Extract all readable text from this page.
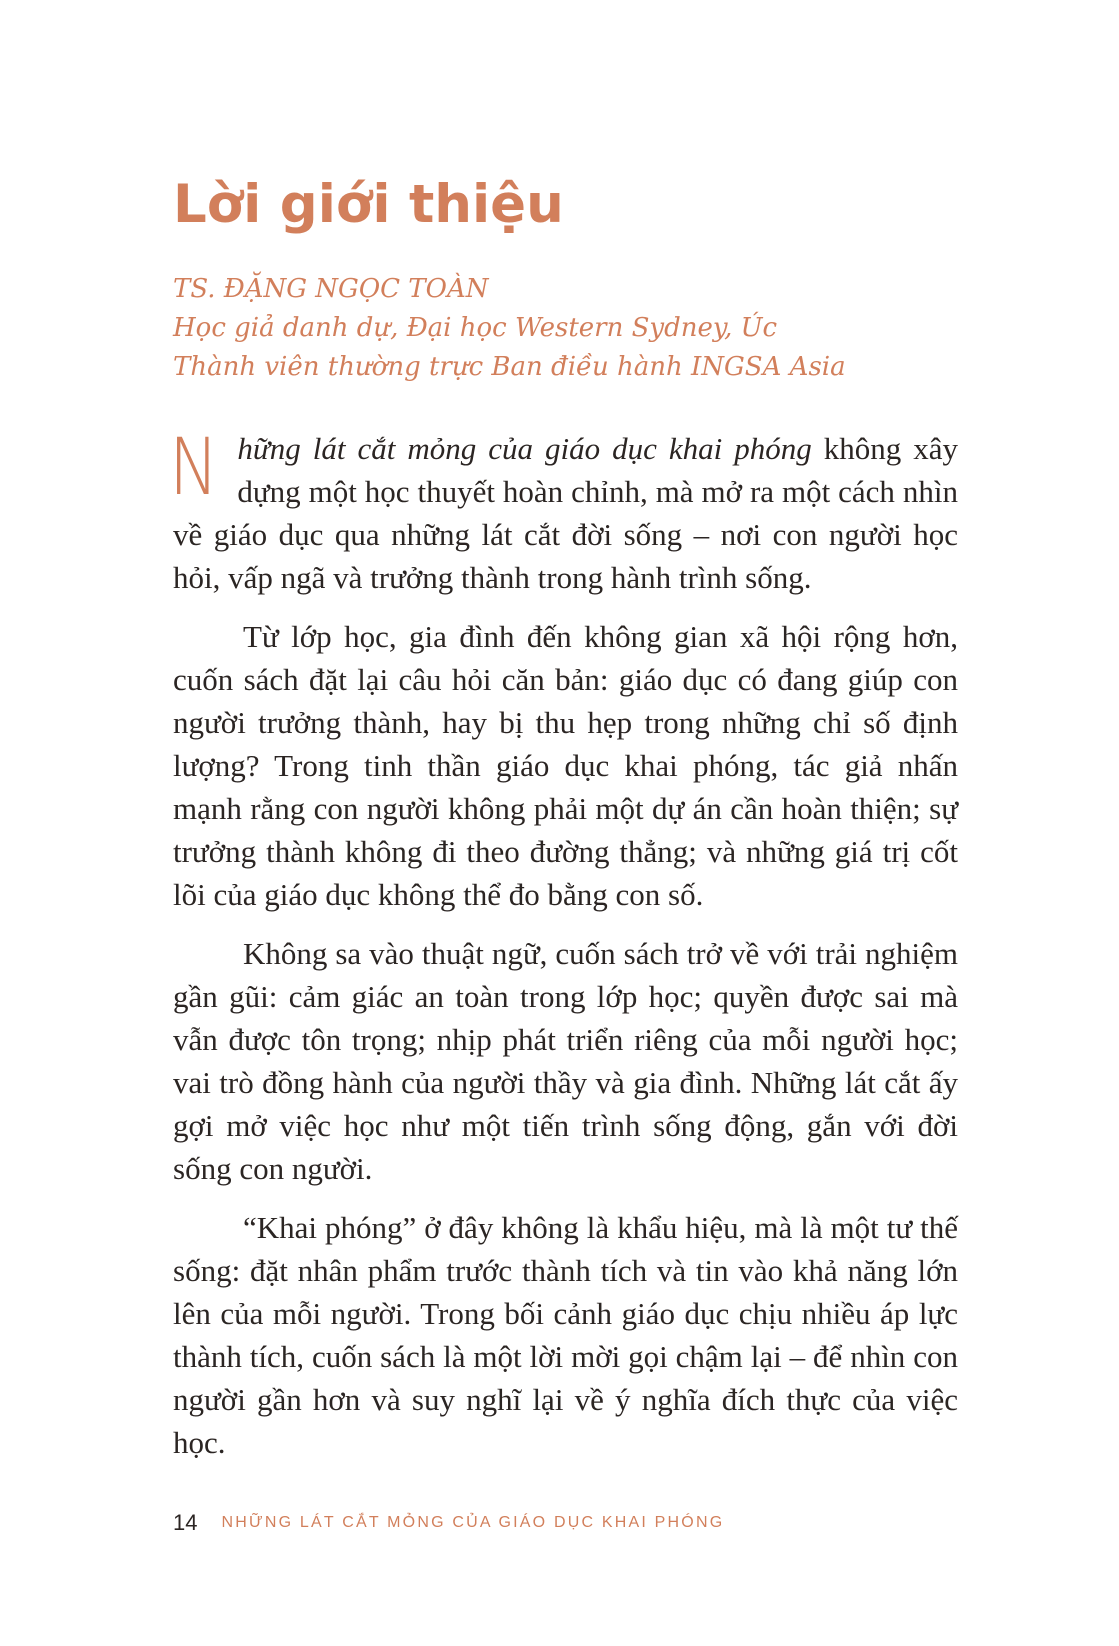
Lời giới thiệu

TS. ĐẶNG NGỌC TOÀN

Học giả danh dự, Đại học Western Sydney, Úc

Thành viên thường trực Ban điều hành INGSA Asia

Những lát cắt mỏng của giáo dục khai phóng không xây dựng một học thuyết hoàn chỉnh, mà mở ra một cách nhìn về giáo dục qua những lát cắt đời sống – nơi con người học hỏi, vấp ngã và trưởng thành trong hành trình sống.

Từ lớp học, gia đình đến không gian xã hội rộng hơn, cuốn sách đặt lại câu hỏi căn bản: giáo dục có đang giúp con người trưởng thành, hay bị thu hẹp trong những chỉ số định lượng? Trong tinh thần giáo dục khai phóng, tác giả nhấn mạnh rằng con người không phải một dự án cần hoàn thiện; sự trưởng thành không đi theo đường thẳng; và những giá trị cốt lõi của giáo dục không thể đo bằng con số.

Không sa vào thuật ngữ, cuốn sách trở về với trải nghiệm gần gũi: cảm giác an toàn trong lớp học; quyền được sai mà vẫn được tôn trọng; nhịp phát triển riêng của mỗi người học; vai trò đồng hành của người thầy và gia đình. Những lát cắt ấy gợi mở việc học như một tiến trình sống động, gắn với đời sống con người.

“Khai phóng” ở đây không là khẩu hiệu, mà là một tư thế sống: đặt nhân phẩm trước thành tích và tin vào khả năng lớn lên của mỗi người. Trong bối cảnh giáo dục chịu nhiều áp lực thành tích, cuốn sách là một lời mời gọi chậm lại – để nhìn con người gần hơn và suy nghĩ lại về ý nghĩa đích thực của việc học.

14 NHỮNG LÁT CẮT MỎNG CỦA GIÁO DỤC KHAI PHÓNG
